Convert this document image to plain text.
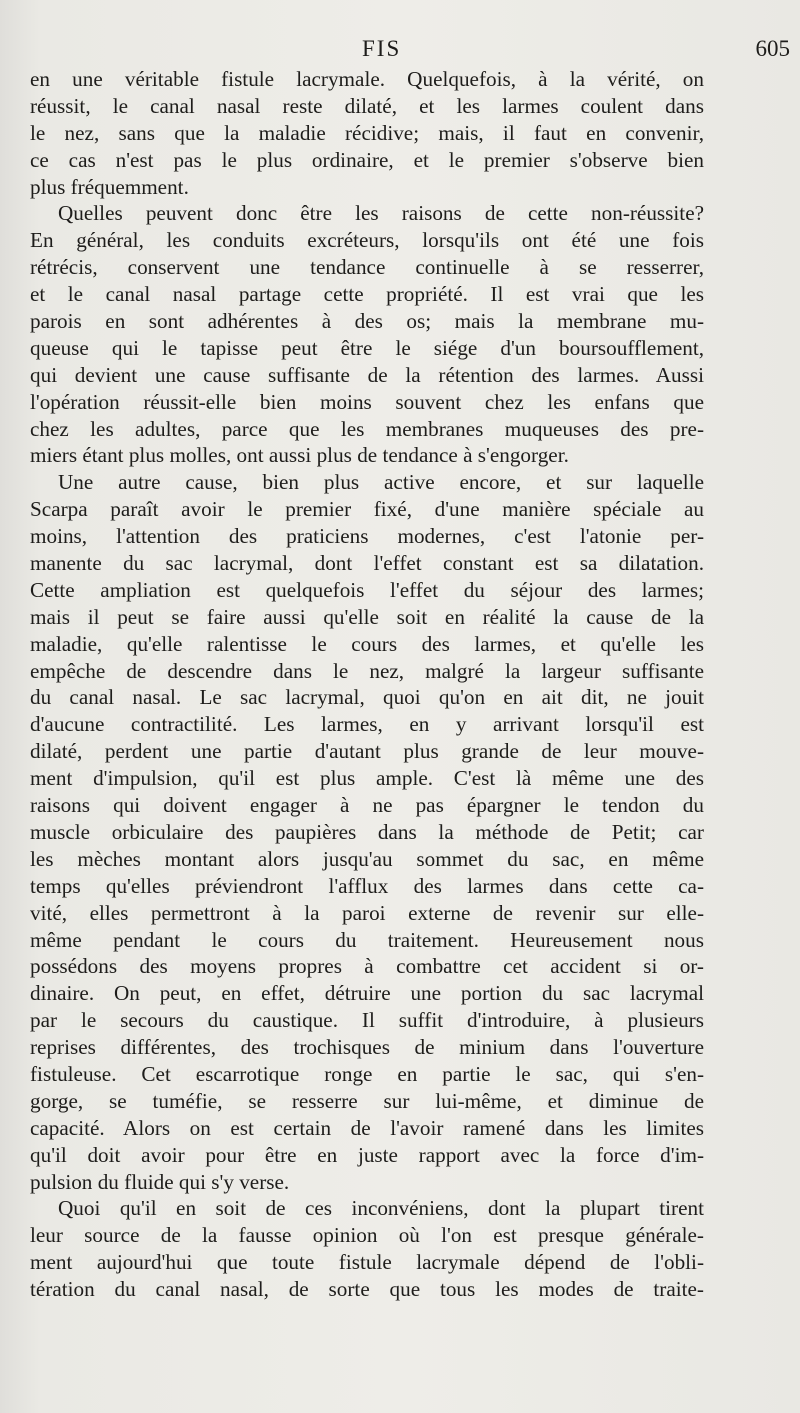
FIS	605
en une véritable fistule lacrymale. Quelquefois, à la vérité, on
réussit, le canal nasal reste dilaté, et les larmes coulent dans
le nez, sans que la maladie récidive; mais, il faut en convenir,
ce cas n'est pas le plus ordinaire, et le premier s'observe bien
plus fréquemment.
Quelles peuvent donc être les raisons de cette non-réussite?
En général, les conduits excréteurs, lorsqu'ils ont été une fois
rétrécis, conservent une tendance continuelle à se resserrer,
et le canal nasal partage cette propriété. Il est vrai que les
parois en sont adhérentes à des os; mais la membrane mu-
queuse qui le tapisse peut être le siége d'un boursoufflement,
qui devient une cause suffisante de la rétention des larmes. Aussi
l'opération réussit-elle bien moins souvent chez les enfans que
chez les adultes, parce que les membranes muqueuses des pre-
miers étant plus molles, ont aussi plus de tendance à s'engorger.
Une autre cause, bien plus active encore, et sur laquelle
Scarpa paraît avoir le premier fixé, d'une manière spéciale au
moins, l'attention des praticiens modernes, c'est l'atonie per-
manente du sac lacrymal, dont l'effet constant est sa dilatation.
Cette ampliation est quelquefois l'effet du séjour des larmes;
mais il peut se faire aussi qu'elle soit en réalité la cause de la
maladie, qu'elle ralentisse le cours des larmes, et qu'elle les
empêche de descendre dans le nez, malgré la largeur suffisante
du canal nasal. Le sac lacrymal, quoi qu'on en ait dit, ne jouit
d'aucune contractilité. Les larmes, en y arrivant lorsqu'il est
dilaté, perdent une partie d'autant plus grande de leur mouve-
ment d'impulsion, qu'il est plus ample. C'est là même une des
raisons qui doivent engager à ne pas épargner le tendon du
muscle orbiculaire des paupières dans la méthode de Petit; car
les mèches montant alors jusqu'au sommet du sac, en même
temps qu'elles préviendront l'afflux des larmes dans cette ca-
vité, elles permettront à la paroi externe de revenir sur elle-
même pendant le cours du traitement. Heureusement nous
possédons des moyens propres à combattre cet accident si or-
dinaire. On peut, en effet, détruire une portion du sac lacrymal
par le secours du caustique. Il suffit d'introduire, à plusieurs
reprises différentes, des trochisques de minium dans l'ouverture
fistuleuse. Cet escarrotique ronge en partie le sac, qui s'en-
gorge, se tuméfie, se resserre sur lui-même, et diminue de
capacité. Alors on est certain de l'avoir ramené dans les limites
qu'il doit avoir pour être en juste rapport avec la force d'im-
pulsion du fluide qui s'y verse.
Quoi qu'il en soit de ces inconvéniens, dont la plupart tirent
leur source de la fausse opinion où l'on est presque générale-
ment aujourd'hui que toute fistule lacrymale dépend de l'obli-
tération du canal nasal, de sorte que tous les modes de traite-
